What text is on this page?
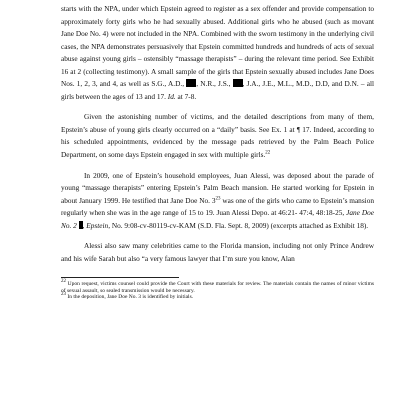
starts with the NPA, under which Epstein agreed to register as a sex offender and provide compensation to approximately forty girls who he had sexually abused. Additional girls who he abused (such as movant Jane Doe No. 4) were not included in the NPA. Combined with the sworn testimony in the underlying civil cases, the NPA demonstrates persuasively that Epstein committed hundreds and hundreds of acts of sexual abuse against young girls – ostensibly “massage therapists” – during the relevant time period. See Exhibit 16 at 2 (collecting testimony). A small sample of the girls that Epstein sexually abused includes Jane Does Nos. 1, 2, 3, and 4, as well as S.G., A.D., , N.R., J.S., , J.A., J.E., M.L., M.D., D.D, and D.N. – all girls between the ages of 13 and 17. Id. at 7-8.

Given the astonishing number of victims, and the detailed descriptions from many of them, Epstein’s abuse of young girls clearly occurred on a “daily” basis. See Ex. 1 at ¶ 17. Indeed, according to his scheduled appointments, evidenced by the message pads retrieved by the Palm Beach Police Department, on some days Epstein engaged in sex with multiple girls.$^{22}$

In 2009, one of Epstein’s household employees, Juan Alessi, was deposed about the parade of young “massage therapists” entering Epstein’s Palm Beach mansion. He started working for Epstein in about January 1999. He testified that Jane Doe No. $3^{23}$ was one of the girls who came to Epstein’s mansion regularly when she was in the age range of 15 to 19. Juan Alessi Depo. at 46:21- 47:4, 48:18-25, Jane Doe No. 2 , Epstein, No. 9:08-cv-80119-cv-KAM (S.D. Fla. Sept. 8, 2009) (excerpts attached as Exhibit 18).

Alessi also saw many celebrities came to the Florida mansion, including not only Prince Andrew and his wife Sarah but also “a very famous lawyer that I’m sure you know, Alan

$^{22}$ Upon request, victims counsel could provide the Court with these materials for review. The materials contain the names of minor victims of sexual assault, so sealed transmission would be necessary.

$^{23}$ In the deposition, Jane Doe No. 3 is identified by initials.
